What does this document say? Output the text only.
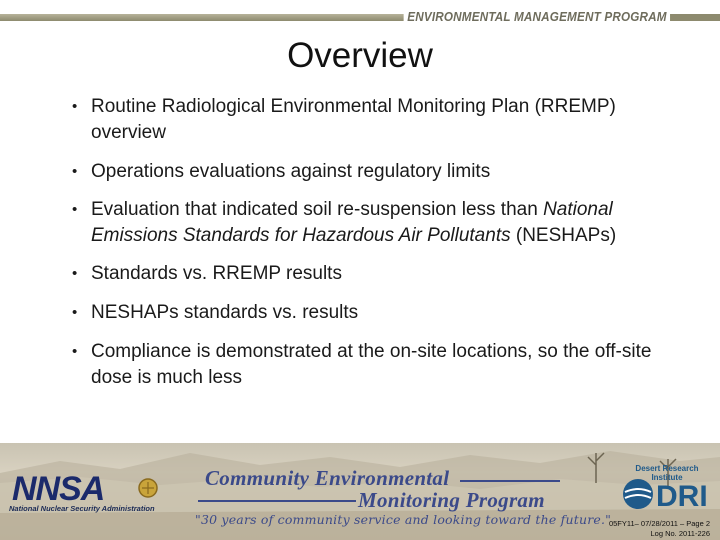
ENVIRONMENTAL MANAGEMENT PROGRAM
Overview
• Routine Radiological Environmental Monitoring Plan (RREMP) overview
• Operations evaluations against regulatory limits
• Evaluation that indicated soil re-suspension less than National Emissions Standards for Hazardous Air Pollutants (NESHAPs)
• Standards vs. RREMP results
• NESHAPs standards vs. results
• Compliance is demonstrated at the on-site locations, so the off-site dose is much less
NNSA
National Nuclear Security Administration
Community Environmental
Monitoring Program
"30 years of community service and looking toward the future."
Desert Research Institute
DRI
05FY11– 07/28/2011 – Page 2
Log No. 2011-226
